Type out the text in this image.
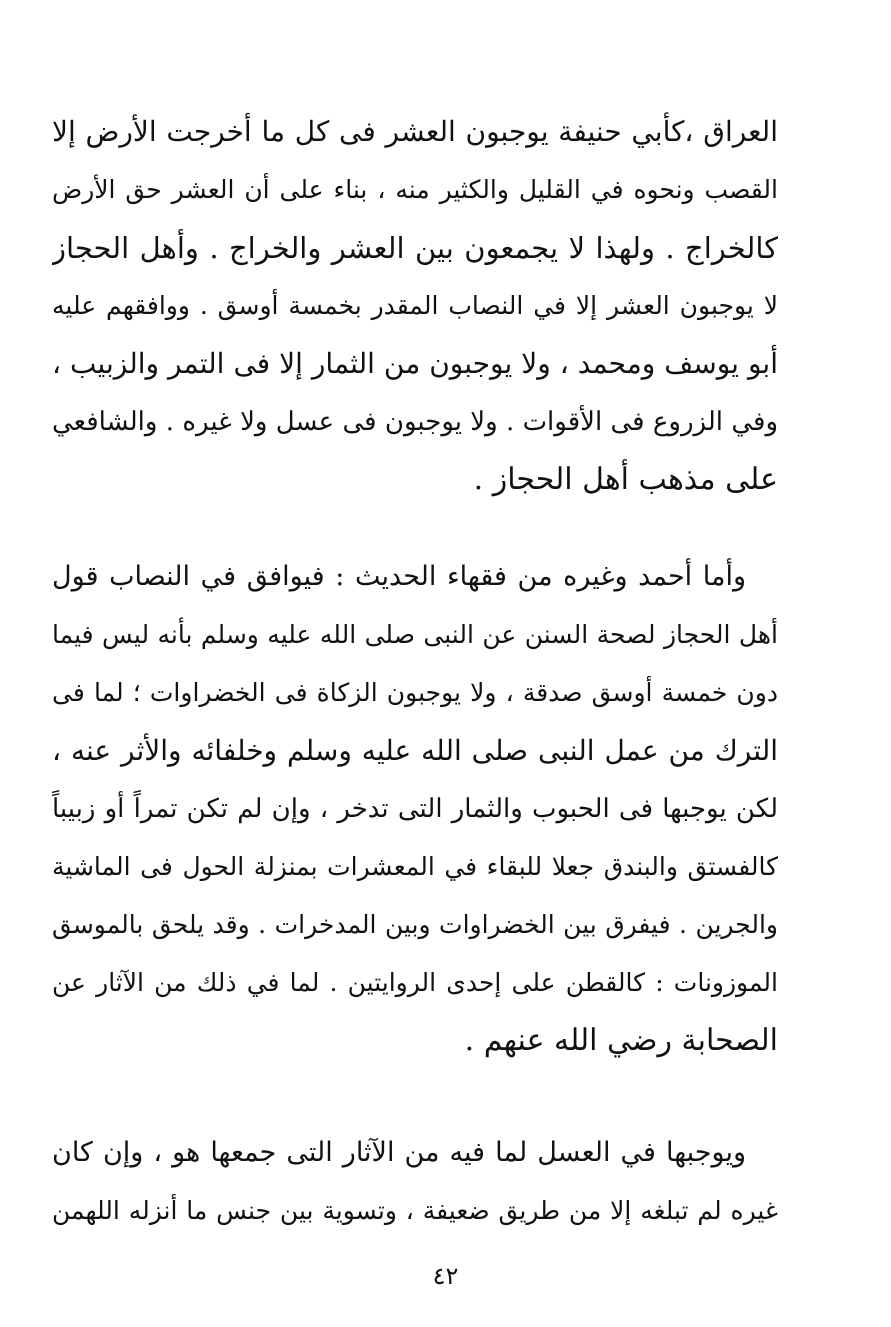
العراق ،كأبي حنيفة يوجبون العشر فى كل ما أخرجت الأرض إلا
القصب ونحوه في القليل والكثير منه ، بناء على أن العشر حق الأرض
كالخراج . ولهذا لا يجمعون بين العشر والخراج . وأهل الحجاز
لا يوجبون العشر إلا في النصاب المقدر بخمسة أوسق . ووافقهم عليه
أبو يوسف ومحمد ، ولا يوجبون من الثمار إلا فى التمر والزبيب ،
وفي الزروع فى الأقوات . ولا يوجبون فى عسل ولا غيره . والشافعي
على مذهب أهل الحجاز .
وأما أحمد وغيره من فقهاء الحديث : فيوافق في النصاب قول
أهل الحجاز لصحة السنن عن النبى صلى الله عليه وسلم بأنه ليس فيما
دون خمسة أوسق صدقة ، ولا يوجبون الزكاة فى الخضراوات ؛ لما فى
الترك من عمل النبى صلى الله عليه وسلم وخلفائه والأثر عنه ،
لكن يوجبها فى الحبوب والثمار التى تدخر ، وإن لم تكن تمراً أو زبيباً
كالفستق والبندق جعلا للبقاء في المعشرات بمنزلة الحول فى الماشية
والجرين . فيفرق بين الخضراوات وبين المدخرات . وقد يلحق بالموسق
الموزونات : كالقطن على إحدى الروايتين . لما في ذلك من الآثار عن
الصحابة رضي الله عنهم .
ويوجبها في العسل لما فيه من الآثار التى جمعها هو ، وإن كان
غيره لم تبلغه إلا من طريق ضعيفة ، وتسوية بين جنس ما أنزله اللهمن
٤٢
